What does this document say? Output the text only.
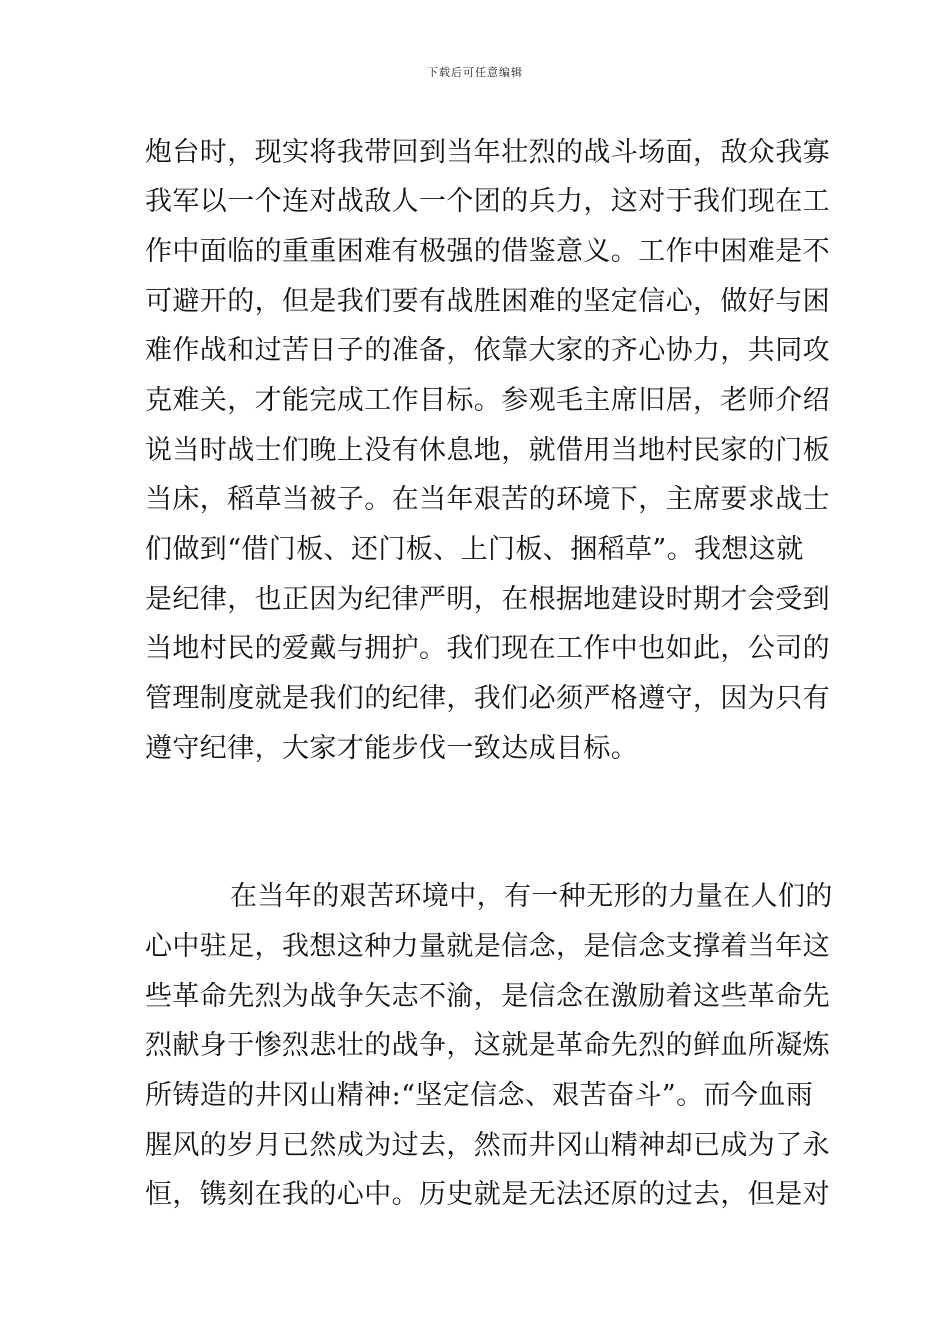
下载后可任意编辑
炮台时，现实将我带回到当年壮烈的战斗场面，敌众我寡
我军以一个连对战敌人一个团的兵力，这对于我们现在工
作中面临的重重困难有极强的借鉴意义。工作中困难是不
可避开的，但是我们要有战胜困难的坚定信心，做好与困
难作战和过苦日子的准备，依靠大家的齐心协力，共同攻
克难关，才能完成工作目标。参观毛主席旧居，老师介绍
说当时战士们晚上没有休息地，就借用当地村民家的门板
当床，稻草当被子。在当年艰苦的环境下，主席要求战士
们做到“借门板、还门板、上门板、捆稻草”。我想这就
是纪律，也正因为纪律严明，在根据地建设时期才会受到
当地村民的爱戴与拥护。我们现在工作中也如此，公司的
管理制度就是我们的纪律，我们必须严格遵守，因为只有
遵守纪律，大家才能步伐一致达成目标。
在当年的艰苦环境中，有一种无形的力量在人们的
心中驻足，我想这种力量就是信念，是信念支撑着当年这
些革命先烈为战争矢志不渝，是信念在激励着这些革命先
烈献身于惨烈悲壮的战争，这就是革命先烈的鲜血所凝炼
所铸造的井冈山精神:“坚定信念、艰苦奋斗”。而今血雨
腥风的岁月已然成为过去，然而井冈山精神却已成为了永
恒，镌刻在我的心中。历史就是无法还原的过去，但是对
